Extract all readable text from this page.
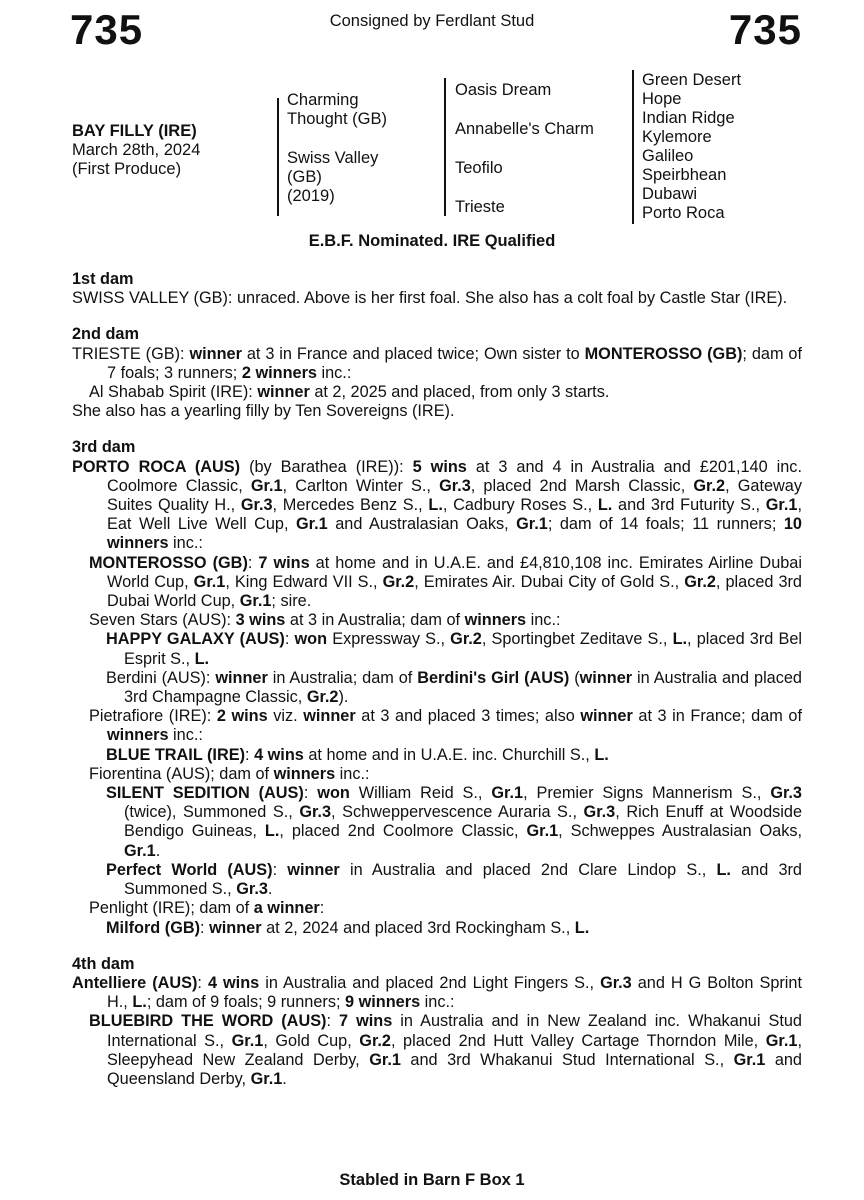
735	Consigned by Ferdlant Stud	735
BAY FILLY (IRE)
March 28th, 2024
(First Produce)
Charming
Thought (GB)
Swiss Valley
(GB)
(2019)
Oasis Dream
Annabelle's Charm
Teofilo
Trieste
Green Desert
Hope
Indian Ridge
Kylemore
Galileo
Speirbhean
Dubawi
Porto Roca
E.B.F. Nominated. IRE Qualified
1st dam
SWISS VALLEY (GB): unraced. Above is her first foal. She also has a colt foal by Castle Star (IRE).
2nd dam
TRIESTE (GB): winner at 3 in France and placed twice; Own sister to MONTEROSSO (GB); dam of 7 foals; 3 runners; 2 winners inc.:
Al Shabab Spirit (IRE): winner at 2, 2025 and placed, from only 3 starts.
She also has a yearling filly by Ten Sovereigns (IRE).
3rd dam
PORTO ROCA (AUS) (by Barathea (IRE)): 5 wins at 3 and 4 in Australia and £201,140 inc. Coolmore Classic, Gr.1, Carlton Winter S., Gr.3, placed 2nd Marsh Classic, Gr.2, Gateway Suites Quality H., Gr.3, Mercedes Benz S., L., Cadbury Roses S., L. and 3rd Futurity S., Gr.1, Eat Well Live Well Cup, Gr.1 and Australasian Oaks, Gr.1; dam of 14 foals; 11 runners; 10 winners inc.:
MONTEROSSO (GB): 7 wins at home and in U.A.E. and £4,810,108 inc. Emirates Airline Dubai World Cup, Gr.1, King Edward VII S., Gr.2, Emirates Air. Dubai City of Gold S., Gr.2, placed 3rd Dubai World Cup, Gr.1; sire.
Seven Stars (AUS): 3 wins at 3 in Australia; dam of winners inc.:
HAPPY GALAXY (AUS): won Expressway S., Gr.2, Sportingbet Zeditave S., L., placed 3rd Bel Esprit S., L.
Berdini (AUS): winner in Australia; dam of Berdini's Girl (AUS) (winner in Australia and placed 3rd Champagne Classic, Gr.2).
Pietrafiore (IRE): 2 wins viz. winner at 3 and placed 3 times; also winner at 3 in France; dam of winners inc.:
BLUE TRAIL (IRE): 4 wins at home and in U.A.E. inc. Churchill S., L.
Fiorentina (AUS); dam of winners inc.:
SILENT SEDITION (AUS): won William Reid S., Gr.1, Premier Signs Mannerism S., Gr.3 (twice), Summoned S., Gr.3, Schweppervescence Auraria S., Gr.3, Rich Enuff at Woodside Bendigo Guineas, L., placed 2nd Coolmore Classic, Gr.1, Schweppes Australasian Oaks, Gr.1.
Perfect World (AUS): winner in Australia and placed 2nd Clare Lindop S., L. and 3rd Summoned S., Gr.3.
Penlight (IRE); dam of a winner:
Milford (GB): winner at 2, 2024 and placed 3rd Rockingham S., L.
4th dam
Antelliere (AUS): 4 wins in Australia and placed 2nd Light Fingers S., Gr.3 and H G Bolton Sprint H., L.; dam of 9 foals; 9 runners; 9 winners inc.:
BLUEBIRD THE WORD (AUS): 7 wins in Australia and in New Zealand inc. Whakanui Stud International S., Gr.1, Gold Cup, Gr.2, placed 2nd Hutt Valley Cartage Thorndon Mile, Gr.1, Sleepyhead New Zealand Derby, Gr.1 and 3rd Whakanui Stud International S., Gr.1 and Queensland Derby, Gr.1.
Stabled in Barn F Box 1
